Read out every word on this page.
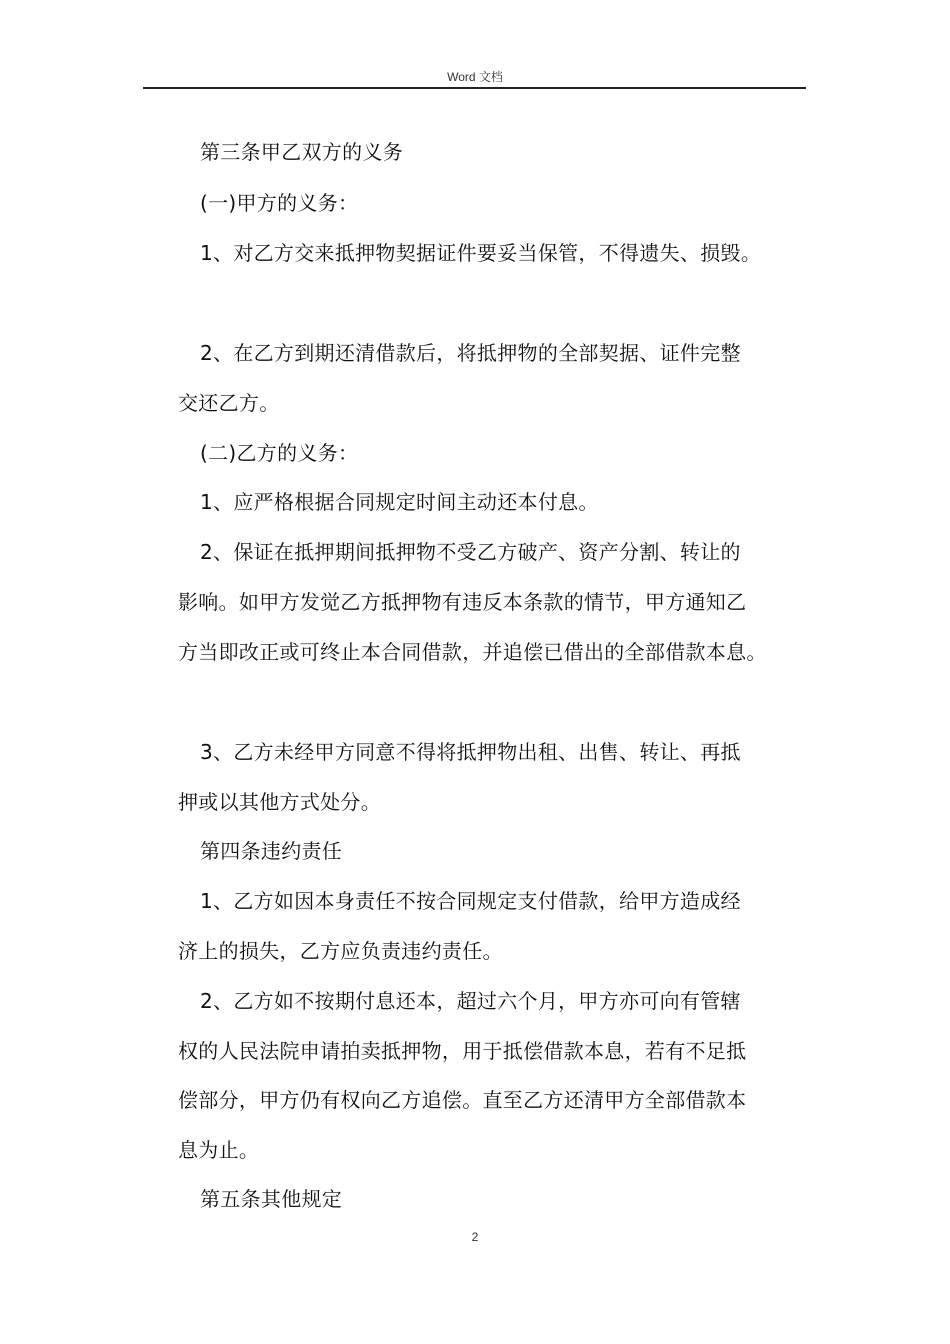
Word 文档

第三条甲乙双方的义务

(一)甲方的义务：

1、对乙方交来抵押物契据证件要妥当保管，不得遗失、损毁。

2、在乙方到期还清借款后，将抵押物的全部契据、证件完整

交还乙方。

(二)乙方的义务：

1、应严格根据合同规定时间主动还本付息。

2、保证在抵押期间抵押物不受乙方破产、资产分割、转让的

影响。如甲方发觉乙方抵押物有违反本条款的情节，甲方通知乙

方当即改正或可终止本合同借款，并追偿已借出的全部借款本息。

3、乙方未经甲方同意不得将抵押物出租、出售、转让、再抵

押或以其他方式处分。

第四条违约责任

1、乙方如因本身责任不按合同规定支付借款，给甲方造成经

济上的损失，乙方应负责违约责任。

2、乙方如不按期付息还本，超过六个月，甲方亦可向有管辖

权的人民法院申请拍卖抵押物，用于抵偿借款本息，若有不足抵

偿部分，甲方仍有权向乙方追偿。直至乙方还清甲方全部借款本

息为止。

第五条其他规定

2
